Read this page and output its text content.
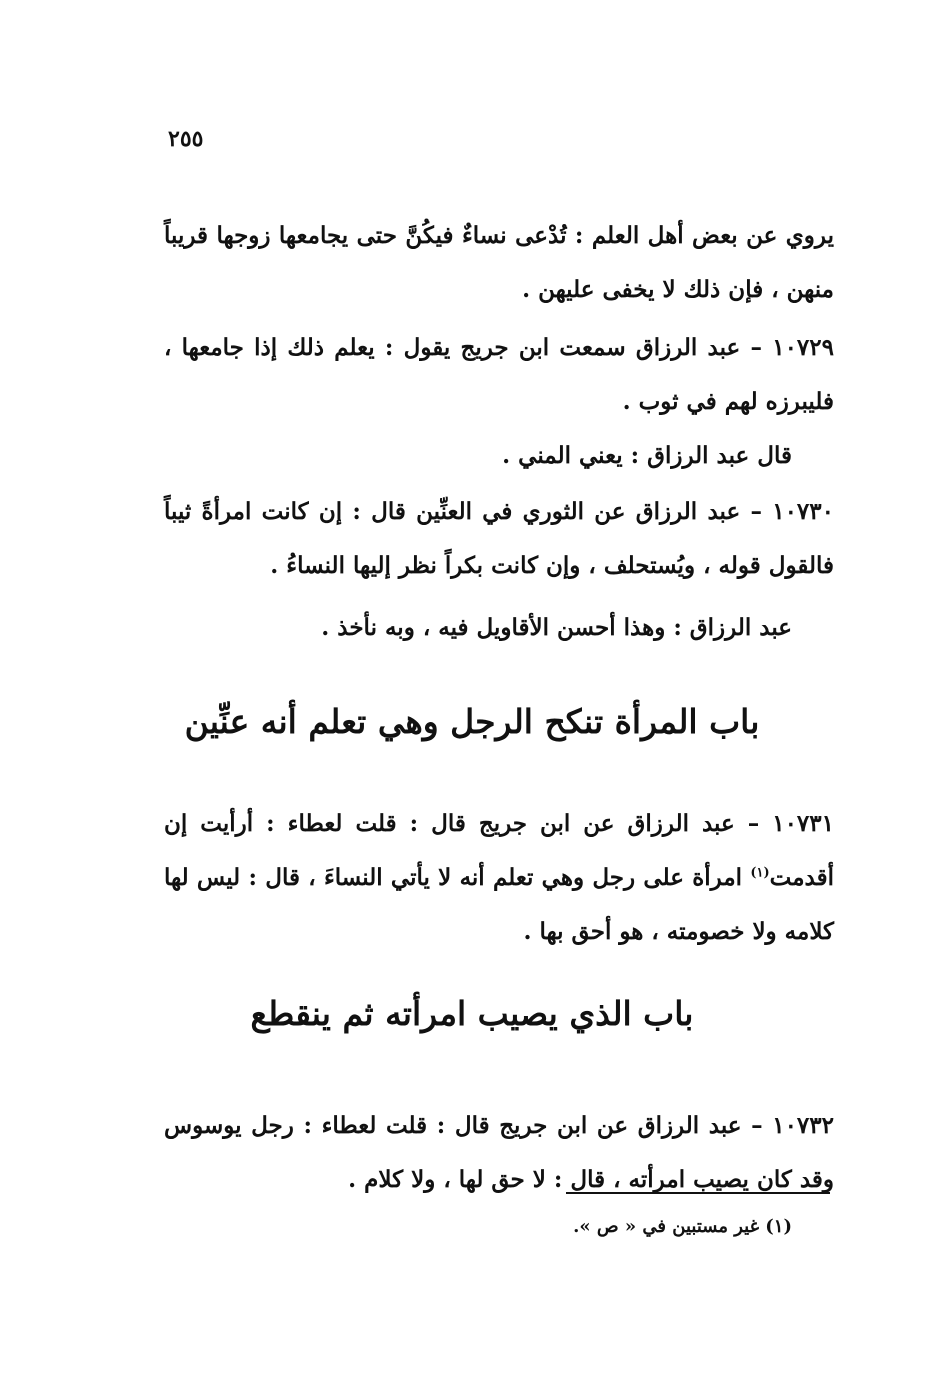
٢٥٥

يروي عن بعض أهل العلم : تُدْعى نساءٌ فيكُنَّ حتى يجامعها زوجها قريباً منهن ، فإن ذلك لا يخفى عليهن .

١٠٧٢٩ – عبد الرزاق سمعت ابن جريج يقول : يعلم ذلك إذا جامعها ، فليبرزه لهم في ثوب .

قال عبد الرزاق : يعني المني .

١٠٧٣٠ – عبد الرزاق عن الثوري في العنِّين قال : إن كانت امرأةً ثيباً فالقول قوله ، ويُستحلف ، وإن كانت بكراً نظر إليها النساءُ .

عبد الرزاق : وهذا أحسن الأقاويل فيه ، وبه نأخذ .

باب المرأة تنكح الرجل وهي تعلم أنه عنِّين

١٠٧٣١ – عبد الرزاق عن ابن جريج قال : قلت لعطاء : أرأيت إن أقدمت$^{(١)}$ امرأة على رجل وهي تعلم أنه لا يأتي النساءَ ، قال : ليس لها كلامه ولا خصومته ، هو أحق بها .

باب الذي يصيب امرأته ثم ينقطع

١٠٧٣٢ – عبد الرزاق عن ابن جريج قال : قلت لعطاء : رجل يوسوس وقد كان يصيب امرأته ، قال : لا حق لها ، ولا كلام .

(١) غير مستبين في « ص ».
